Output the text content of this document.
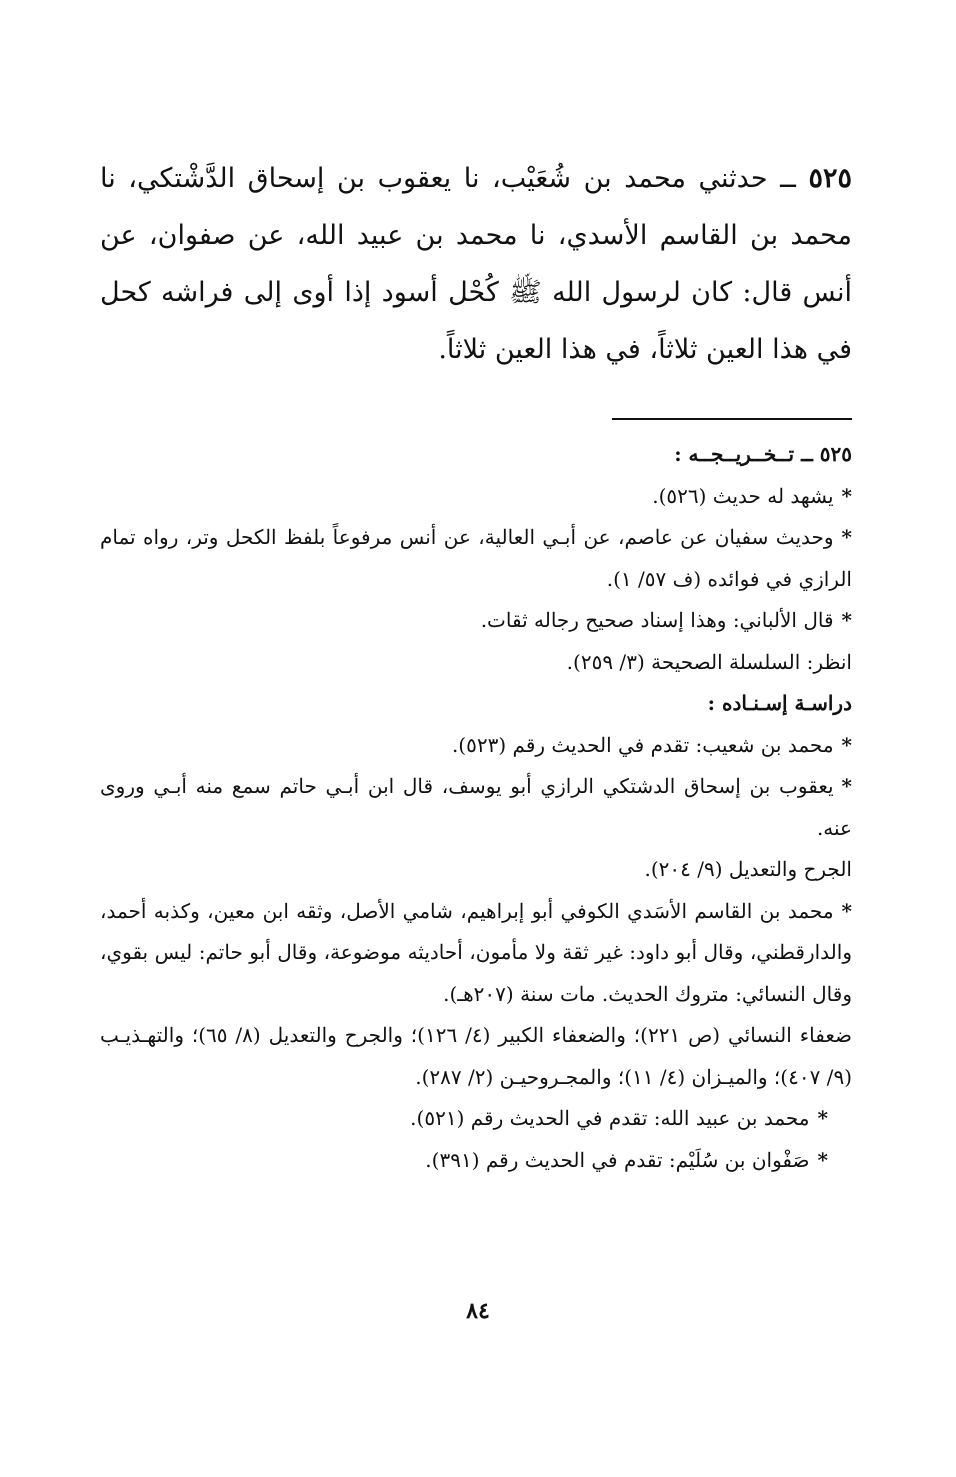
٥٢٥ ــ حدثني محمد بن شُعَيْب، نا يعقوب بن إسحاق الدَّشْتكي، نا محمد بن القاسم الأسدي، نا محمد بن عبيد الله، عن صفوان، عن أنس قال: كان لرسول الله ﷺ كُحْل أسود إذا أوى إلى فراشه كحل في هذا العين ثلاثاً، في هذا العين ثلاثاً.

٥٢٥ ــ تــخــريــجــه :

*يشهد له حديث (٥٢٦).

*وحديث سفيان عن عاصم، عن أبـي العالية، عن أنس مرفوعاً بلفظ الكحل وتر، رواه تمام الرازي في فوائده (ف ٥٧/ ١).

*قال الألباني: وهذا إسناد صحيح رجاله ثقات.

انظر: السلسلة الصحيحة (٣/ ٢٥٩).

دراسـة إسـنـاده :

*محمد بن شعيب: تقدم في الحديث رقم (٥٢٣).

*يعقوب بن إسحاق الدشتكي الرازي أبو يوسف، قال ابن أبـي حاتم سمع منه أبـي وروى عنه.

الجرح والتعديل (٩/ ٢٠٤).

*محمد بن القاسم الأسَدي الكوفي أبو إبراهيم، شامي الأصل، وثقه ابن معين، وكذبه أحمد، والدارقطني، وقال أبو داود: غير ثقة ولا مأمون، أحاديثه موضوعة، وقال أبو حاتم: ليس بقوي، وقال النسائي: متروك الحديث. مات سنة (٢٠٧هـ).

ضعفاء النسائي (ص ٢٢١)؛ والضعفاء الكبير (٤/ ١٢٦)؛ والجرح والتعديل (٨/ ٦٥)؛ والتهـذيـب (٩/ ٤٠٧)؛ والميـزان (٤/ ١١)؛ والمجـروحيـن (٢/ ٢٨٧).

*محمد بن عبيد الله: تقدم في الحديث رقم (٥٢١).

*صَفْوان بن سُلَيْم: تقدم في الحديث رقم (٣٩١).

٨٤
